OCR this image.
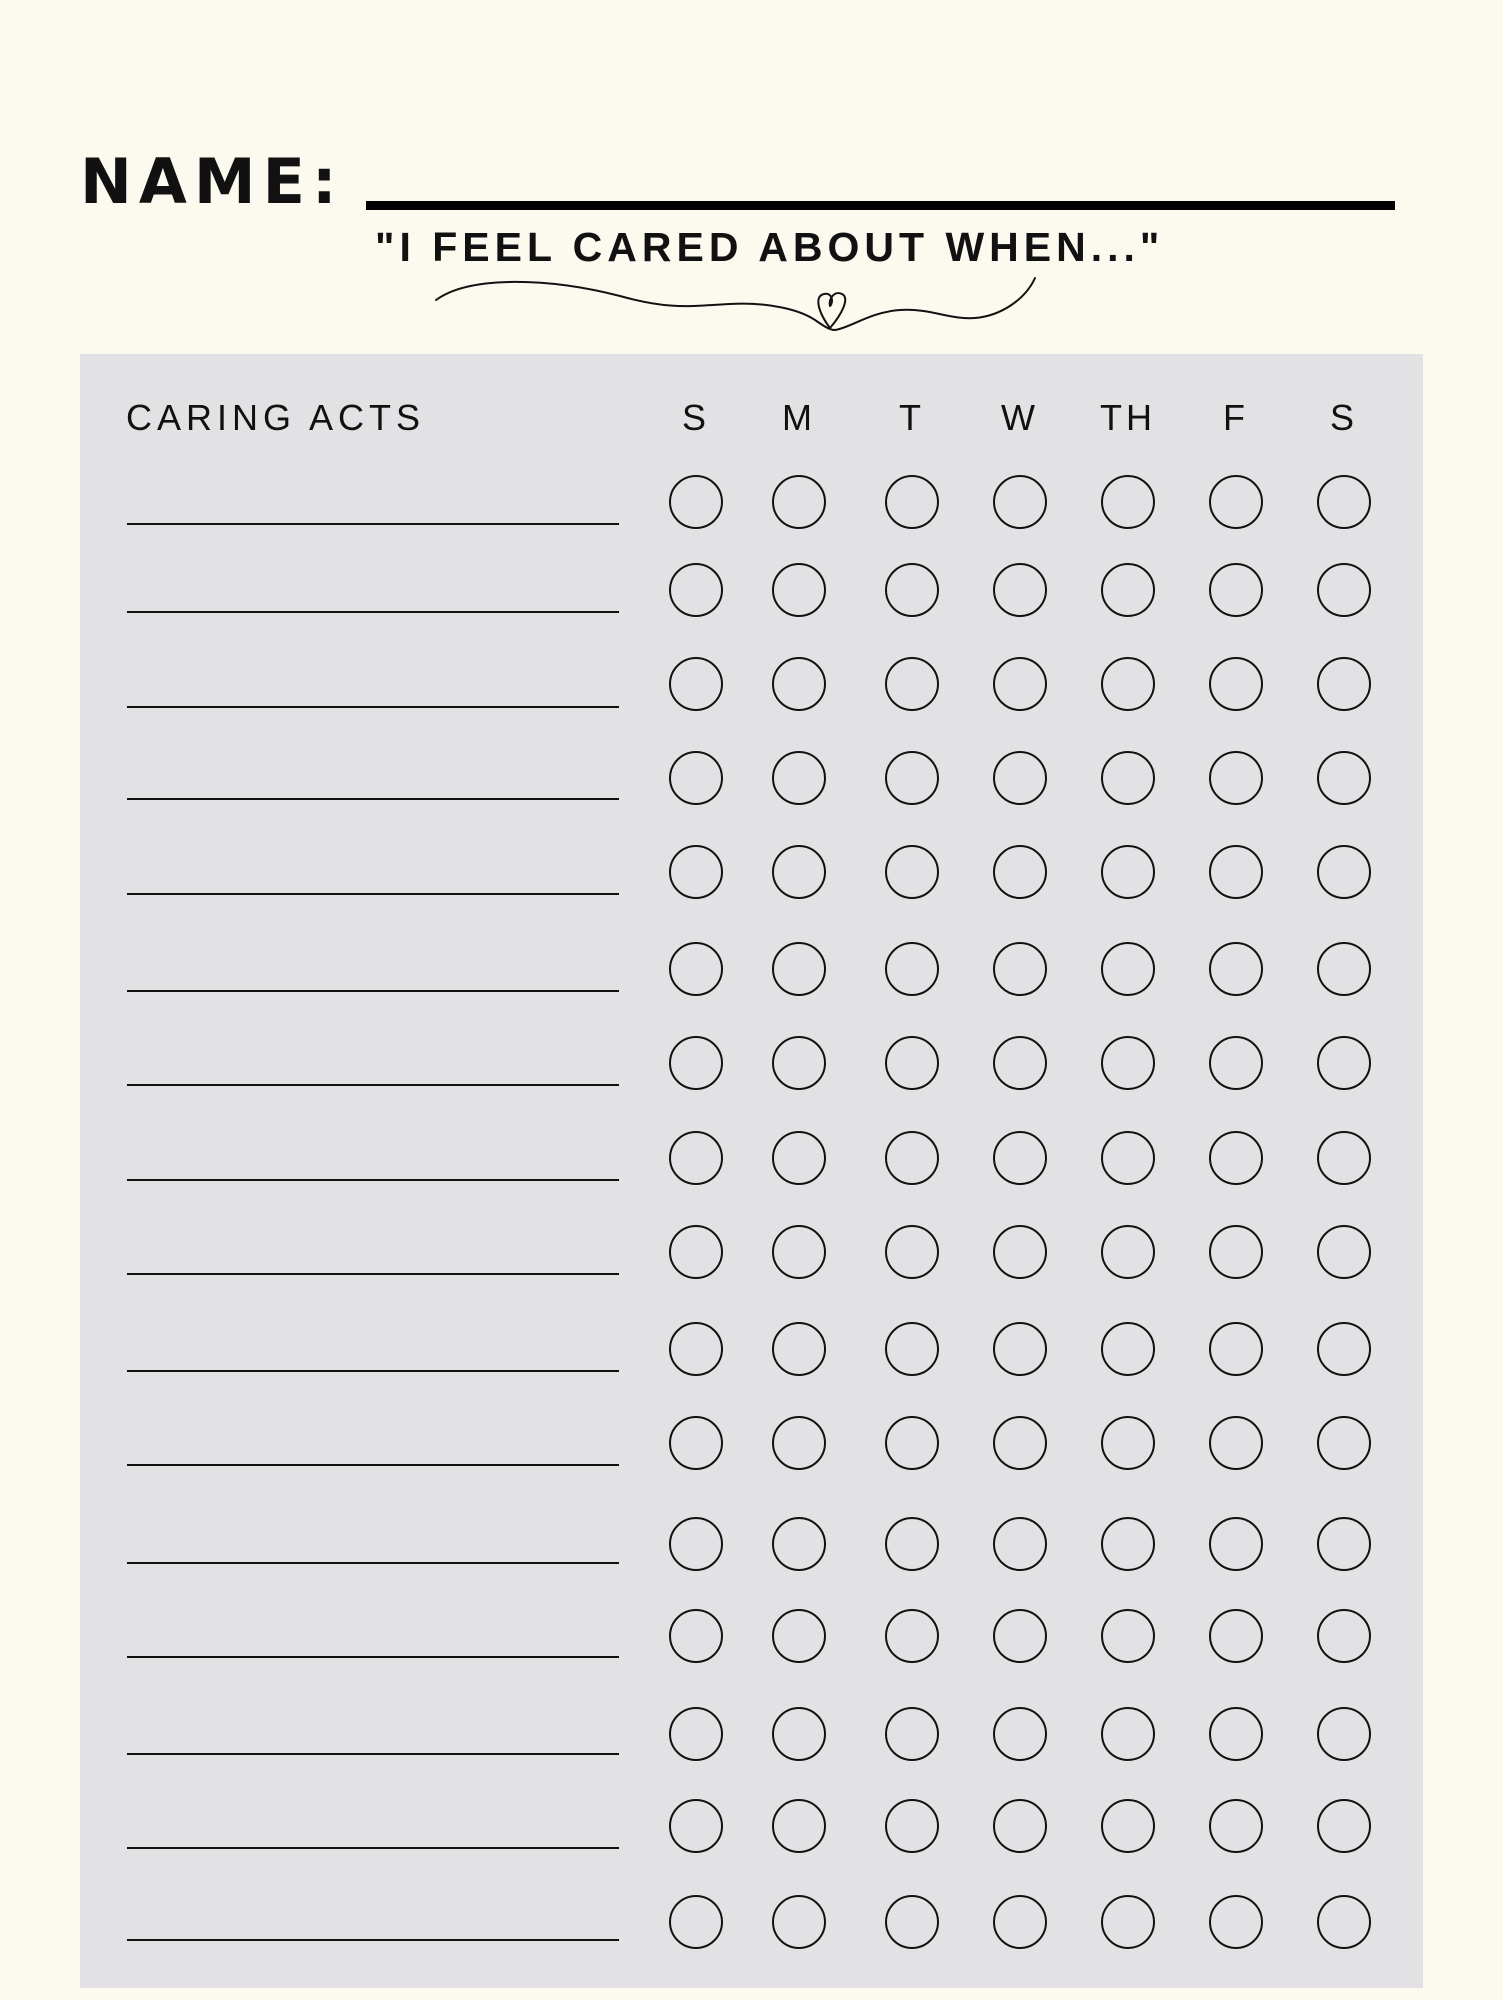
NAME:
"I FEEL CARED ABOUT WHEN..."
CARING ACTS	S	M	T	W	TH	F	S
